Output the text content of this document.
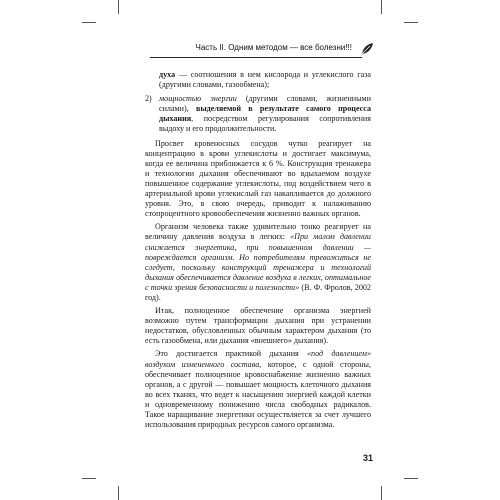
Часть II. Одним методом — все болезни!!!
духа — соотношения в нем кислорода и углекислого газа (другими словами, газообмена);
2) мощностью энергии (другими словами, жизненными силами), выделяемой в результате самого процесса дыхания, посредством регулирования сопротивления выдоху и его продолжительности.

Просвет кровеносных сосудов чутко реагирует на концентрацию в крови углекислоты и достигает максимума, когда ее величина приближается к 6 %. Конструкция тренажера и технологии дыхания обеспечивают во вдыхаемом воздухе повышенное содержание углекислоты, под воздействием чего в артериальной крови углекислый газ накапливается до должного уровня. Это, в свою очередь, приводит к налаживанию стопроцентного кровообеспечения жизненно важных органов.

Организм человека также удивительно тонко реагирует на величину давления воздуха в легких: «При малом давлении снижается энергетика, при повышенном давлении — повреждается организм. Но потребителям тревожиться не следует, поскольку конструкций тренажера и технологий дыхания обеспечивается давление воздуха в легких, оптимальное с точки зрения безопасности и полезности» (В. Ф. Фролов, 2002 год).

Итак, полноценное обеспечение организма энергией возможно путем трансформации дыхания при устранении недостатков, обусловленных обычным характером дыхания (то есть газообмена, или дыхания «внешнего» дыхания).

Это достигается практикой дыхания «под давлением» воздухом измененного состава, которое, с одной стороны, обеспечивает полноценное кровоснабжение жизненно важных органов, а с другой — повышает мощность клеточного дыхания во всех тканях, что ведет к насыщению энергией каждой клетки и одновременному понижению числа свободных радикалов. Такое наращивание энергетики осуществляется за счет лучшего использования природных ресурсов самого организма.

31
